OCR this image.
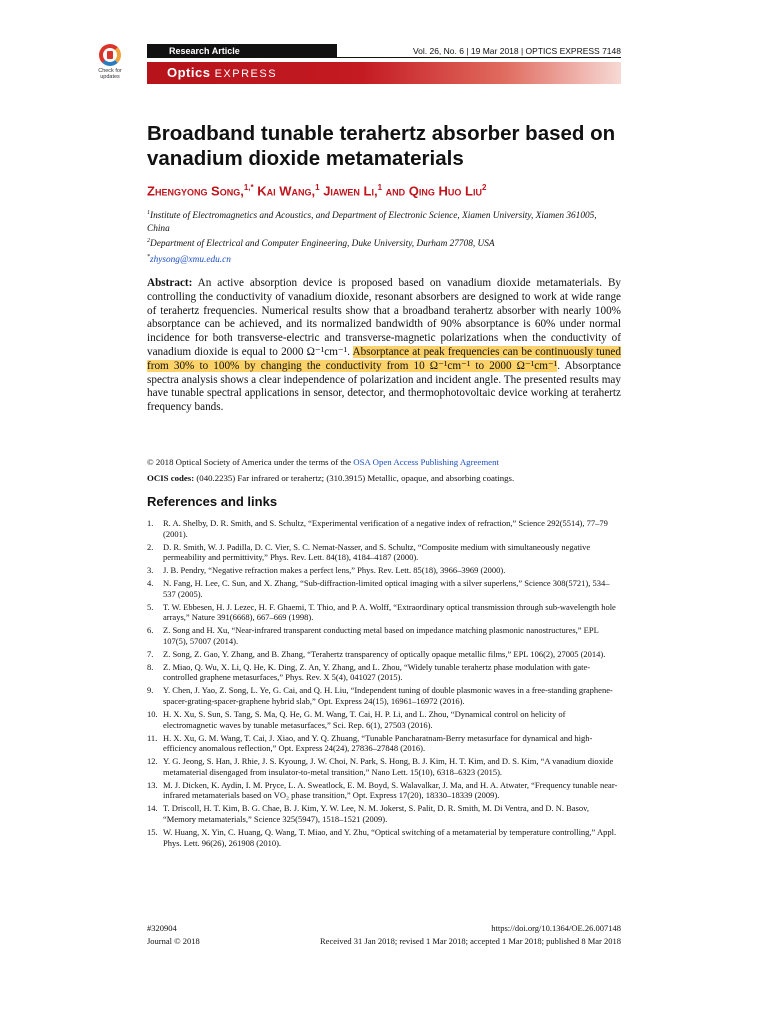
Check for updates
Research Article	Vol. 26, No. 6 | 19 Mar 2018 | OPTICS EXPRESS 7148
Optics EXPRESS
Broadband tunable terahertz absorber based on vanadium dioxide metamaterials
Zhengyong Song,$^{1,*}$ Kai Wang,$^1$ Jiawen Li,$^1$ and Qing Huo Liu$^2$
$^1$Institute of Electromagnetics and Acoustics, and Department of Electronic Science, Xiamen University, Xiamen 361005, China
$^2$Department of Electrical and Computer Engineering, Duke University, Durham 27708, USA
*zhysong@xmu.edu.cn
Abstract: An active absorption device is proposed based on vanadium dioxide metamaterials. By controlling the conductivity of vanadium dioxide, resonant absorbers are designed to work at wide range of terahertz frequencies. Numerical results show that a broadband terahertz absorber with nearly 100% absorptance can be achieved, and its normalized bandwidth of 90% absorptance is 60% under normal incidence for both transverse-electric and transverse-magnetic polarizations when the conductivity of vanadium dioxide is equal to 2000 Ω⁻¹cm⁻¹. Absorptance at peak frequencies can be continuously tuned from 30% to 100% by changing the conductivity from 10 Ω⁻¹cm⁻¹ to 2000 Ω⁻¹cm⁻¹. Absorptance spectra analysis shows a clear independence of polarization and incident angle. The presented results may have tunable spectral applications in sensor, detector, and thermophotovoltaic device working at terahertz frequency bands.
© 2018 Optical Society of America under the terms of the OSA Open Access Publishing Agreement
OCIS codes: (040.2235) Far infrared or terahertz; (310.3915) Metallic, opaque, and absorbing coatings.
References and links
1. R. A. Shelby, D. R. Smith, and S. Schultz, “Experimental verification of a negative index of refraction,” Science 292(5514), 77–79 (2001).
2. D. R. Smith, W. J. Padilla, D. C. Vier, S. C. Nemat-Nasser, and S. Schultz, “Composite medium with simultaneously negative permeability and permittivity,” Phys. Rev. Lett. 84(18), 4184–4187 (2000).
3. J. B. Pendry, “Negative refraction makes a perfect lens,” Phys. Rev. Lett. 85(18), 3966–3969 (2000).
4. N. Fang, H. Lee, C. Sun, and X. Zhang, “Sub-diffraction-limited optical imaging with a silver superlens,” Science 308(5721), 534–537 (2005).
5. T. W. Ebbesen, H. J. Lezec, H. F. Ghaemi, T. Thio, and P. A. Wolff, “Extraordinary optical transmission through sub-wavelength hole arrays,” Nature 391(6668), 667–669 (1998).
6. Z. Song and H. Xu, “Near-infrared transparent conducting metal based on impedance matching plasmonic nanostructures,” EPL 107(5), 57007 (2014).
7. Z. Song, Z. Gao, Y. Zhang, and B. Zhang, “Terahertz transparency of optically opaque metallic films,” EPL 106(2), 27005 (2014).
8. Z. Miao, Q. Wu, X. Li, Q. He, K. Ding, Z. An, Y. Zhang, and L. Zhou, “Widely tunable terahertz phase modulation with gate-controlled graphene metasurfaces,” Phys. Rev. X 5(4), 041027 (2015).
9. Y. Chen, J. Yao, Z. Song, L. Ye, G. Cai, and Q. H. Liu, “Independent tuning of double plasmonic waves in a free-standing graphene-spacer-grating-spacer-graphene hybrid slab,” Opt. Express 24(15), 16961–16972 (2016).
10. H. X. Xu, S. Sun, S. Tang, S. Ma, Q. He, G. M. Wang, T. Cai, H. P. Li, and L. Zhou, “Dynamical control on helicity of electromagnetic waves by tunable metasurfaces,” Sci. Rep. 6(1), 27503 (2016).
11. H. X. Xu, G. M. Wang, T. Cai, J. Xiao, and Y. Q. Zhuang, “Tunable Pancharatnam-Berry metasurface for dynamical and high-efficiency anomalous reflection,” Opt. Express 24(24), 27836–27848 (2016).
12. Y. G. Jeong, S. Han, J. Rhie, J. S. Kyoung, J. W. Choi, N. Park, S. Hong, B. J. Kim, H. T. Kim, and D. S. Kim, “A vanadium dioxide metamaterial disengaged from insulator-to-metal transition,” Nano Lett. 15(10), 6318–6323 (2015).
13. M. J. Dicken, K. Aydin, I. M. Pryce, L. A. Sweatlock, E. M. Boyd, S. Walavalkar, J. Ma, and H. A. Atwater, “Frequency tunable near-infrared metamaterials based on VO₂ phase transition,” Opt. Express 17(20), 18330–18339 (2009).
14. T. Driscoll, H. T. Kim, B. G. Chae, B. J. Kim, Y. W. Lee, N. M. Jokerst, S. Palit, D. R. Smith, M. Di Ventra, and D. N. Basov, “Memory metamaterials,” Science 325(5947), 1518–1521 (2009).
15. W. Huang, X. Yin, C. Huang, Q. Wang, T. Miao, and Y. Zhu, “Optical switching of a metamaterial by temperature controlling,” Appl. Phys. Lett. 96(26), 261908 (2010).
#320904
Journal © 2018
https://doi.org/10.1364/OE.26.007148
Received 31 Jan 2018; revised 1 Mar 2018; accepted 1 Mar 2018; published 8 Mar 2018
